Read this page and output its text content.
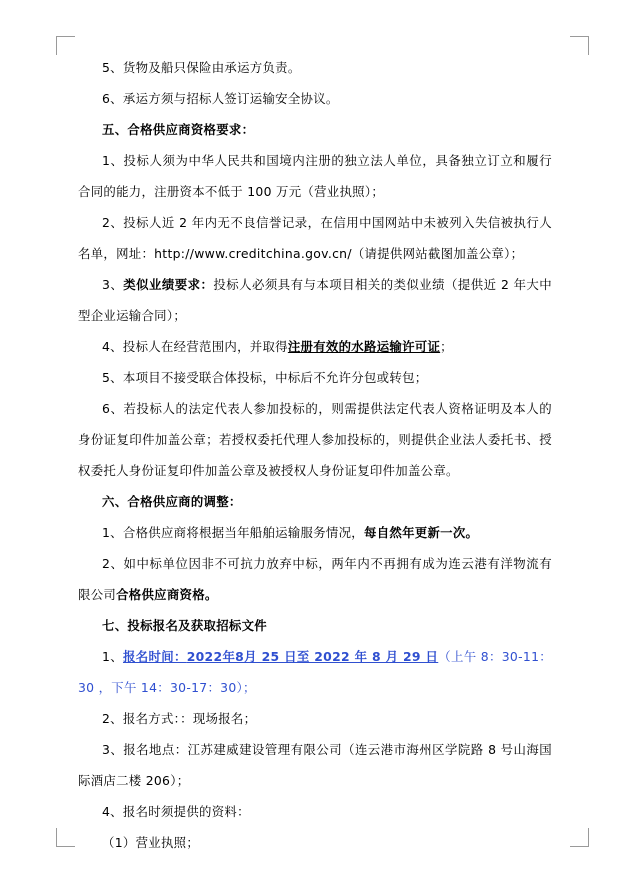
5、货物及船只保险由承运方负责。

6、承运方须与招标人签订运输安全协议。

五、合格供应商资格要求：

1、投标人须为中华人民共和国境内注册的独立法人单位，具备独立订立和履行合同的能力，注册资本不低于 100 万元（营业执照）；

2、投标人近 2 年内无不良信誉记录，在信用中国网站中未被列入失信被执行人名单，网址：http://www.creditchina.gov.cn/（请提供网站截图加盖公章）；

3、类似业绩要求：投标人必须具有与本项目相关的类似业绩（提供近 2 年大中型企业运输合同）；

4、投标人在经营范围内，并取得注册有效的水路运输许可证；

5、本项目不接受联合体投标，中标后不允许分包或转包；

6、若投标人的法定代表人参加投标的，则需提供法定代表人资格证明及本人的身份证复印件加盖公章；若授权委托代理人参加投标的，则提供企业法人委托书、授权委托人身份证复印件加盖公章及被授权人身份证复印件加盖公章。

六、合格供应商的调整：

1、合格供应商将根据当年船舶运输服务情况，每自然年更新一次。

2、如中标单位因非不可抗力放弃中标，两年内不再拥有成为连云港有洋物流有限公司合格供应商资格。

七、投标报名及获取招标文件

1、报名时间：2022年8月 25 日至 2022 年 8 月 29 日（上午 8：30-11：30 ，下午 14：30-17：30）；

2、报名方式：：现场报名；

3、报名地点：江苏建威建设管理有限公司（连云港市海州区学院路 8 号山海国际酒店二楼 206）；

4、报名时须提供的资料：

（1）营业执照；
